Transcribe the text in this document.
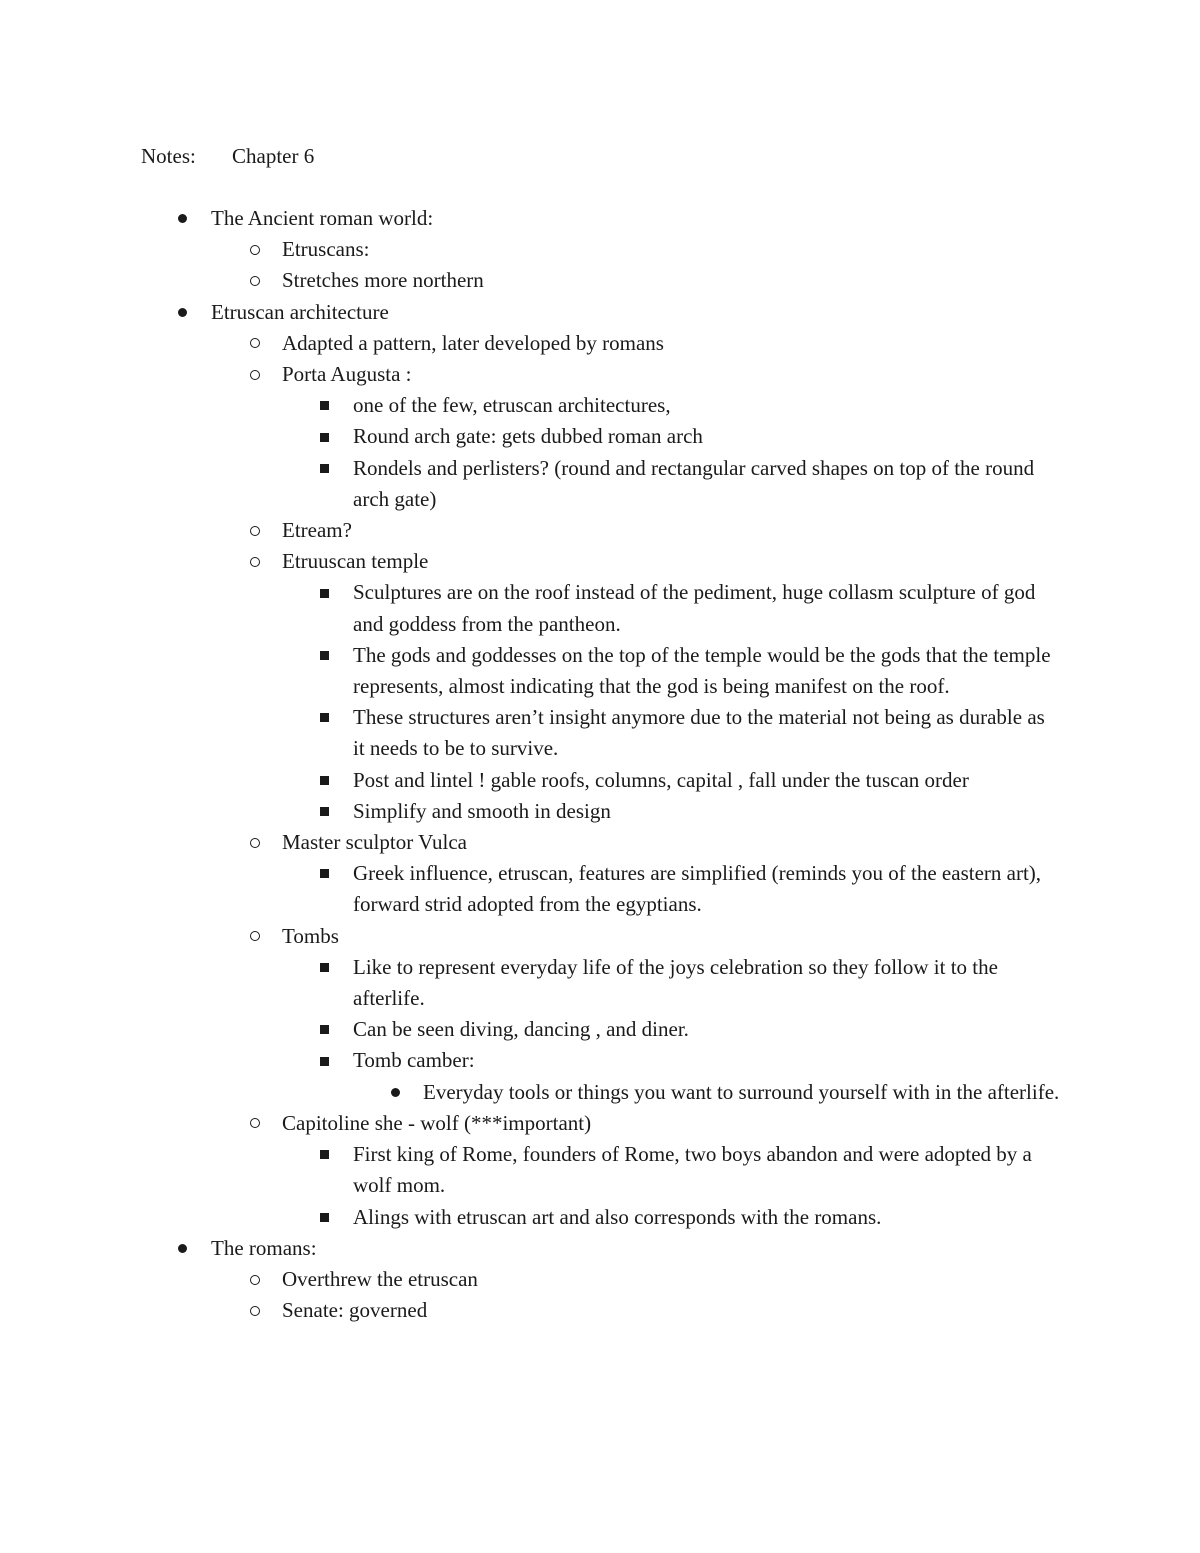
Notes: Chapter 6
The Ancient roman world:
Etruscans:
Stretches more northern
Etruscan architecture
Adapted a pattern, later developed by romans
Porta Augusta :
one of the few, etruscan architectures,
Round arch gate: gets dubbed roman arch
Rondels and perlisters? (round and rectangular carved shapes on top of the round arch gate)
Etream?
Etruuscan temple
Sculptures are on the roof instead of the pediment, huge collasm sculpture of god and goddess from the pantheon.
The gods and goddesses on the top of the temple would be the gods that the temple represents, almost indicating that the god is being manifest on the roof.
These structures aren’t insight anymore due to the material not being as durable as it needs to be to survive.
Post and lintel ! gable roofs, columns, capital , fall under the tuscan order
Simplify and smooth in design
Master sculptor Vulca
Greek influence, etruscan, features are simplified (reminds you of the eastern art), forward strid adopted from the egyptians.
Tombs
Like to represent everyday life of the joys celebration so they follow it to the afterlife.
Can be seen diving, dancing , and diner.
Tomb camber:
Everyday tools or things you want to surround yourself with in the afterlife.
Capitoline she - wolf (***important)
First king of Rome, founders of Rome, two boys abandon and were adopted by a wolf mom.
Alings with etruscan art and also corresponds with the romans.
The romans:
Overthrew the etruscan
Senate: governed
